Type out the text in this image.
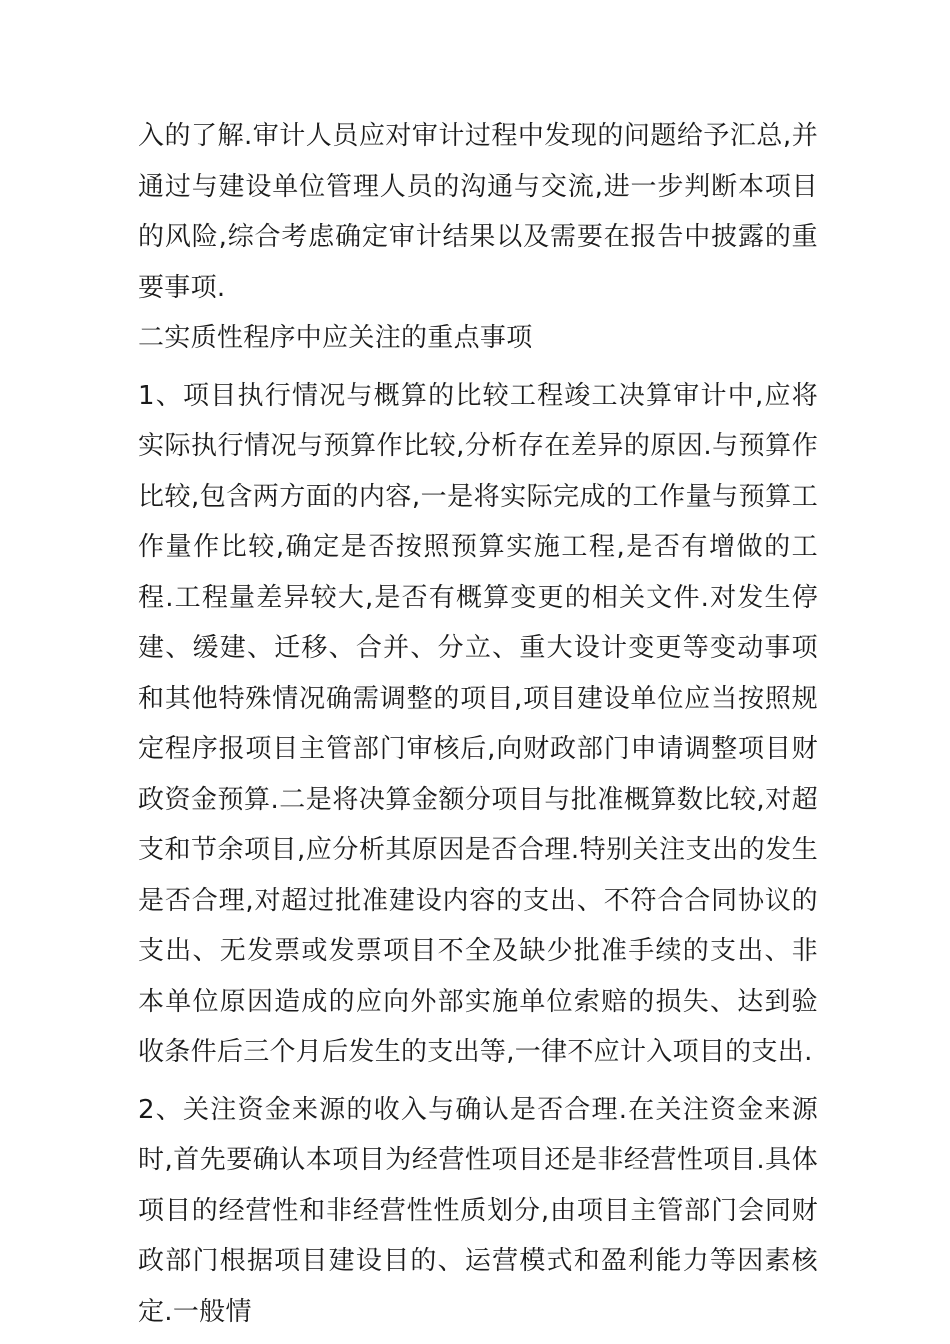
入的了解.审计人员应对审计过程中发现的问题给予汇总,并通过与建设单位管理人员的沟通与交流,进一步判断本项目的风险,综合考虑确定审计结果以及需要在报告中披露的重要事项.

二实质性程序中应关注的重点事项

1、项目执行情况与概算的比较工程竣工决算审计中,应将实际执行情况与预算作比较,分析存在差异的原因.与预算作比较,包含两方面的内容,一是将实际完成的工作量与预算工作量作比较,确定是否按照预算实施工程,是否有增做的工程.工程量差异较大,是否有概算变更的相关文件.对发生停建、缓建、迁移、合并、分立、重大设计变更等变动事项和其他特殊情况确需调整的项目,项目建设单位应当按照规定程序报项目主管部门审核后,向财政部门申请调整项目财政资金预算.二是将决算金额分项目与批准概算数比较,对超支和节余项目,应分析其原因是否合理.特别关注支出的发生是否合理,对超过批准建设内容的支出、不符合合同协议的支出、无发票或发票项目不全及缺少批准手续的支出、非本单位原因造成的应向外部实施单位索赔的损失、达到验收条件后三个月后发生的支出等,一律不应计入项目的支出.

2、关注资金来源的收入与确认是否合理.在关注资金来源时,首先要确认本项目为经营性项目还是非经营性项目.具体项目的经营性和非经营性性质划分,由项目主管部门会同财政部门根据项目建设目的、运营模式和盈利能力等因素核定.一般情
